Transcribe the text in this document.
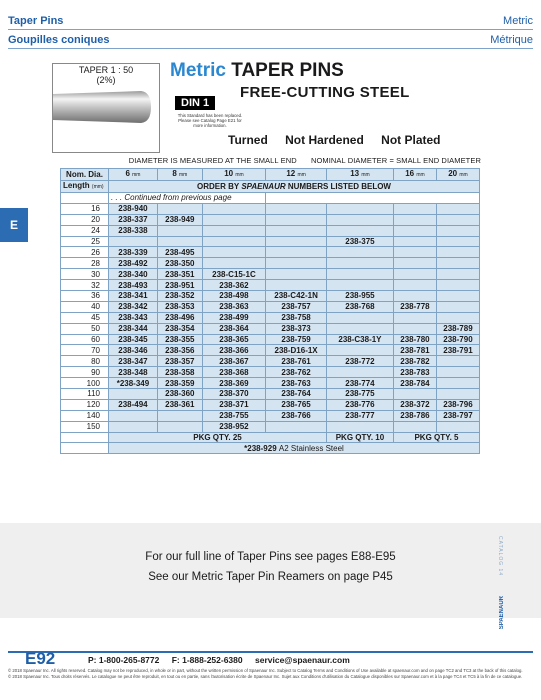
Taper Pins	Metric
Goupilles coniques	Métrique
E
TAPER 1 : 50
(2%)	Metric TAPER PINS
FREE-CUTTING STEEL
DIN 1
This Standard has been replaced. Please see Catalog Page E21 for more information.
Turned Not Hardened Not Plated
DIAMETER IS MEASURED AT THE SMALL END NOMINAL DIAMETER = SMALL END DIAMETER
Nom. Dia.	6 mm	8 mm	10 mm	12 mm	13 mm	16 mm	20 mm
Length (mm)	ORDER BY SPAENAUR NUMBERS LISTED BELOW						
	. . . Continued from previous page						
16	238-940						
20	238-337	238-949					
24	238-338						
25					238-375		
26	238-339	238-495					
28	238-492	238-350					
30	238-340	238-351	238-C15-1C				
32	238-493	238-951	238-362				
36	238-341	238-352	238-498	238-C42-1N	238-955		
40	238-342	238-353	238-363	238-757	238-768	238-778	
45	238-343	238-496	238-499	238-758			
50	238-344	238-354	238-364	238-373			238-789
60	238-345	238-355	238-365	238-759	238-C38-1Y	238-780	238-790
70	238-346	238-356	238-366	238-D16-1X		238-781	238-791
80	238-347	238-357	238-367	238-761	238-772	238-782	
90	238-348	238-358	238-368	238-762		238-783	
100	*238-349	238-359	238-369	238-763	238-774	238-784	
110		238-360	238-370	238-764	238-775		
120	238-494	238-361	238-371	238-765	238-776	238-372	238-796
140			238-755	238-766	238-777	238-786	238-797
150			238-952				
	PKG QTY. 25				PKG QTY. 10	PKG QTY. 5	
	*238-929 A2 Stainless Steel						

For our full line of Taper Pins see pages E88-E95

See our Metric Taper Pin Reamers on page P45

CATALOG 14
SPAENAUR
E92	P: 1-800-265-8772 F: 1-888-252-6380 service@spaenaur.com
© 2018 Spaenaur Inc. All rights reserved. Catalog may not be reproduced, in whole or in part, without the written permission of Spaenaur Inc. Subject to Catalog Terms and Conditions of Use available at spaenaur.com and on page TC2 and TC3 at the back of this catalog.
© 2018 Spaenaur Inc. Tous droits réservés. Le catalogue ne peut être reproduit, en tout ou en partie, sans l'autorisation écrite de Spaenaur Inc. Sujet aux Conditions d'utilisation du Catalogue disponibles sur Spaenaur.com et à la page TC4 et TC5 à la fin de ce catalogue.
